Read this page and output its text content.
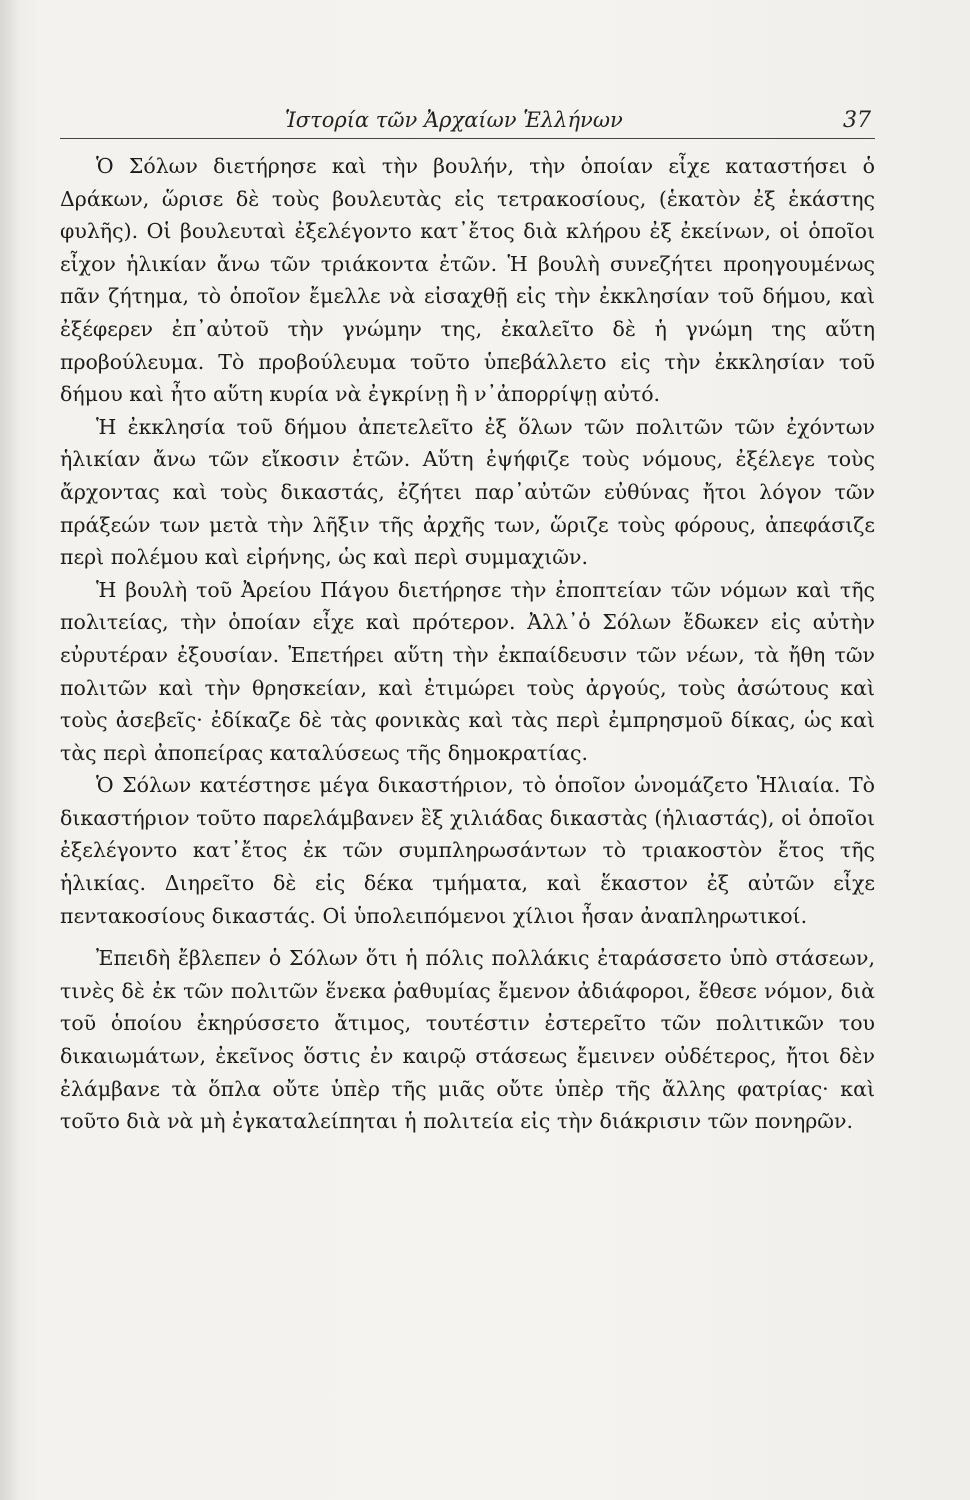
Ἱστορία τῶν Ἀρχαίων Ἑλλήνων	37

Ὁ Σόλων διετήρησε καὶ τὴν βουλήν, τὴν ὁποίαν εἶχε καταστήσει ὁ Δράκων, ὥρισε δὲ τοὺς βουλευτὰς εἰς τετρακοσίους, (ἑκατὸν ἐξ ἑκάστης φυλῆς). Οἱ βουλευταὶ ἐξελέγοντο κατ᾽ἔτος διὰ κλήρου ἐξ ἐκείνων, οἱ ὁποῖοι εἶχον ἡλικίαν ἄνω τῶν τριάκοντα ἐτῶν. Ἡ βουλὴ συνεζήτει προηγουμένως πᾶν ζήτημα, τὸ ὁποῖον ἔμελλε νὰ εἰσαχθῇ εἰς τὴν ἐκκλησίαν τοῦ δήμου, καὶ ἐξέφερεν ἐπ᾽αὐτοῦ τὴν γνώμην της, ἐκαλεῖτο δὲ ἡ γνώμη της αὕτη προβούλευμα. Τὸ προβούλευμα τοῦτο ὑπεβάλλετο εἰς τὴν ἐκκλησίαν τοῦ δήμου καὶ ἦτο αὕτη κυρία νὰ ἐγκρίνῃ ἢ ν᾽ἀπορρίψῃ αὐτό.

Ἡ ἐκκλησία τοῦ δήμου ἀπετελεῖτο ἐξ ὅλων τῶν πολιτῶν τῶν ἐχόντων ἡλικίαν ἄνω τῶν εἴκοσιν ἐτῶν. Αὕτη ἐψήφιζε τοὺς νόμους, ἐξέλεγε τοὺς ἄρχοντας καὶ τοὺς δικαστάς, ἐζήτει παρ᾽αὐτῶν εὐθύνας ἤτοι λόγον τῶν πράξεών των μετὰ τὴν λῆξιν τῆς ἀρχῆς των, ὥριζε τοὺς φόρους, ἀπεφάσιζε περὶ πολέμου καὶ εἰρήνης, ὡς καὶ περὶ συμμαχιῶν.

Ἡ βουλὴ τοῦ Ἀρείου Πάγου διετήρησε τὴν ἐποπτείαν τῶν νόμων καὶ τῆς πολιτείας, τὴν ὁποίαν εἶχε καὶ πρότερον. Ἀλλ᾽ὁ Σόλων ἔδωκεν εἰς αὐτὴν εὐρυτέραν ἐξουσίαν. Ἐπετήρει αὕτη τὴν ἐκπαίδευσιν τῶν νέων, τὰ ἤθη τῶν πολιτῶν καὶ τὴν θρησκείαν, καὶ ἐτιμώρει τοὺς ἀργούς, τοὺς ἀσώτους καὶ τοὺς ἀσεβεῖς· ἐδίκαζε δὲ τὰς φονικὰς καὶ τὰς περὶ ἐμπρησμοῦ δίκας, ὡς καὶ τὰς περὶ ἀποπείρας καταλύσεως τῆς δημοκρατίας.

Ὁ Σόλων κατέστησε μέγα δικαστήριον, τὸ ὁποῖον ὠνομάζετο Ἡλιαία. Τὸ δικαστήριον τοῦτο παρελάμβανεν ἓξ χιλιάδας δικαστὰς (ἡλιαστάς), οἱ ὁποῖοι ἐξελέγοντο κατ᾽ἔτος ἐκ τῶν συμπληρωσάντων τὸ τριακοστὸν ἔτος τῆς ἡλικίας. Διηρεῖτο δὲ εἰς δέκα τμήματα, καὶ ἕκαστον ἐξ αὐτῶν εἶχε πεντακοσίους δικαστάς. Οἱ ὑπολειπόμενοι χίλιοι ἦσαν ἀναπληρωτικοί.

Ἐπειδὴ ἔβλεπεν ὁ Σόλων ὅτι ἡ πόλις πολλάκις ἐταράσσετο ὑπὸ στάσεων, τινὲς δὲ ἐκ τῶν πολιτῶν ἕνεκα ῥαθυμίας ἔμενον ἀδιάφοροι, ἔθεσε νόμον, διὰ τοῦ ὁποίου ἐκηρύσσετο ἄτιμος, τουτέστιν ἐστερεῖτο τῶν πολιτικῶν του δικαιωμάτων, ἐκεῖνος ὅστις ἐν καιρῷ στάσεως ἔμεινεν οὐδέτερος, ἤτοι δὲν ἐλάμβανε τὰ ὅπλα οὔτε ὑπὲρ τῆς μιᾶς οὔτε ὑπὲρ τῆς ἄλλης φατρίας· καὶ τοῦτο διὰ νὰ μὴ ἐγκαταλείπηται ἡ πολιτεία εἰς τὴν διάκρισιν τῶν πονηρῶν.
